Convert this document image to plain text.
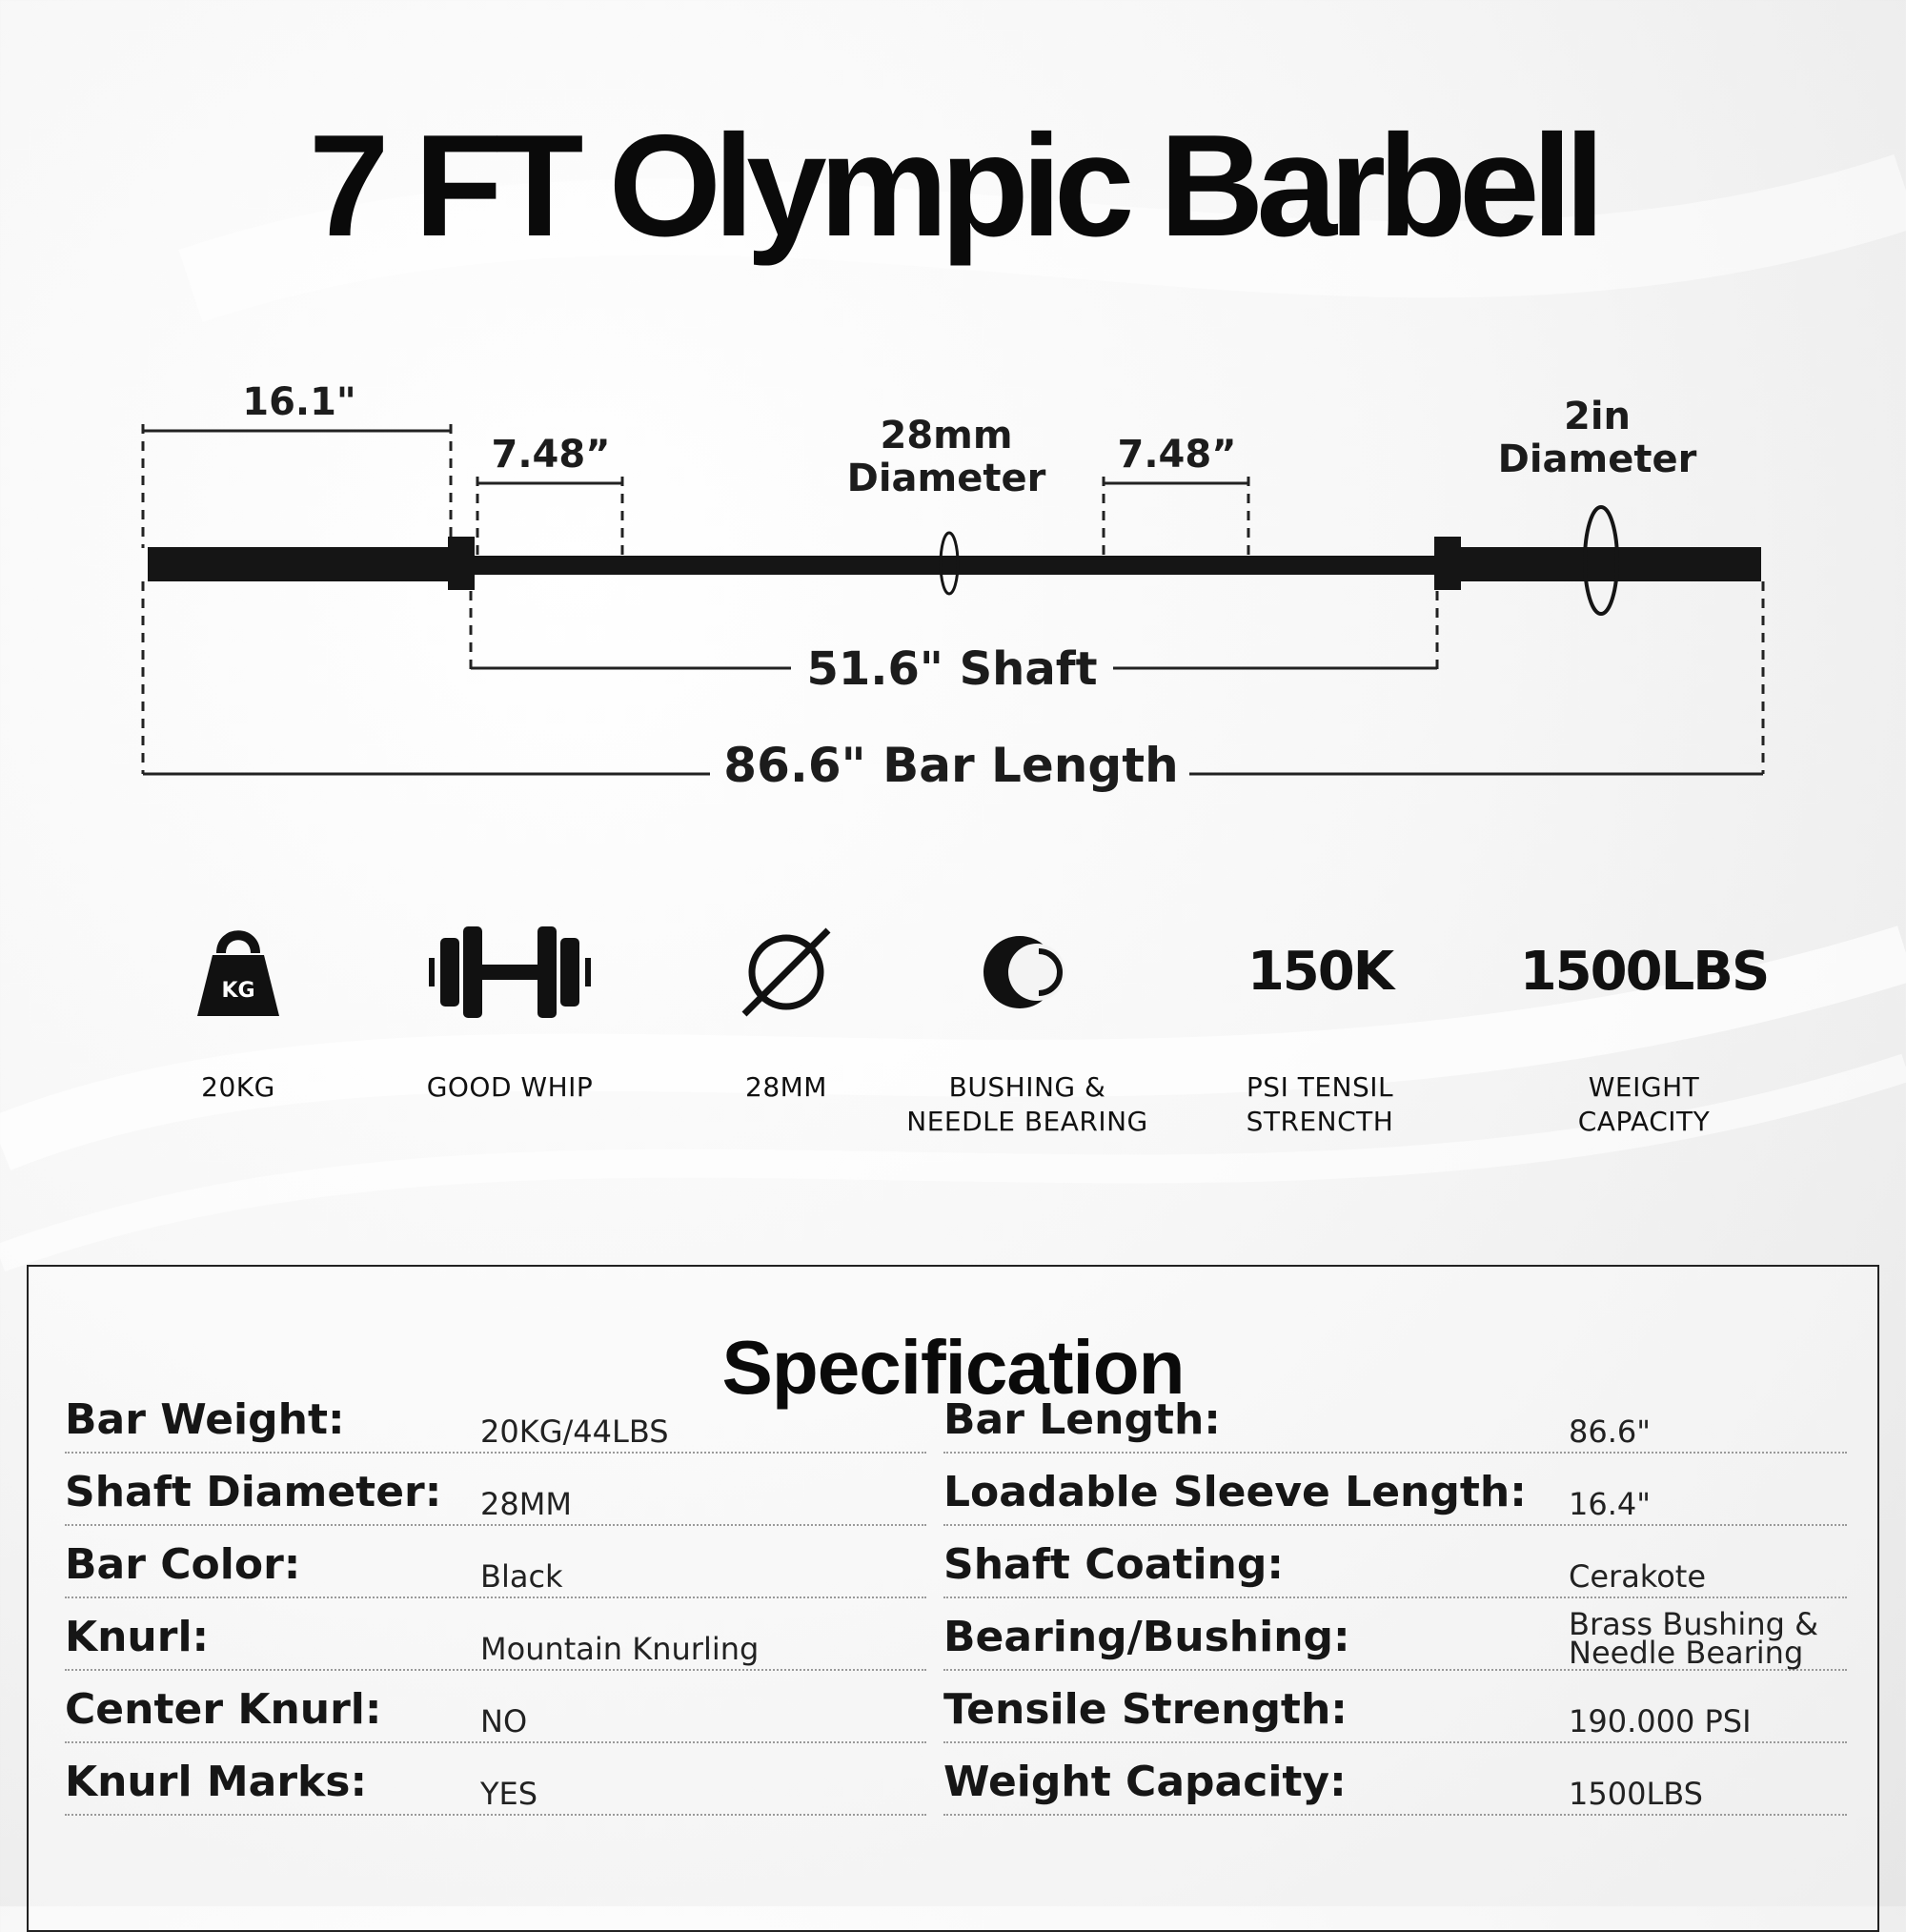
7 FT Olympic Barbell
16.1"
7.48”	7.48”
28mm
Diameter
2in
Diameter
51.6" Shaft
86.6" Bar Length
KG
20KG	GOOD WHIP	28MM	BUSHING &
NEEDLE BEARING
150K
PSI TENSIL
STRENCTH
1500LBS
WEIGHT
CAPACITY
Specification
Bar Weight:	20KG/44LBS
Shaft Diameter: 28MM
Bar Color:	Black
Knurl:	Mountain Knurling
Center Knurl:	NO
Knurl Marks:	YES
Bar Length:	86.6"
Loadable Sleeve Length: 16.4"
Shaft Coating:	Cerakote
Bearing/Bushing:	Brass Bushing &
Needle Bearing
Tensile Strength:	190.000 PSI
Weight Capacity:	1500LBS
